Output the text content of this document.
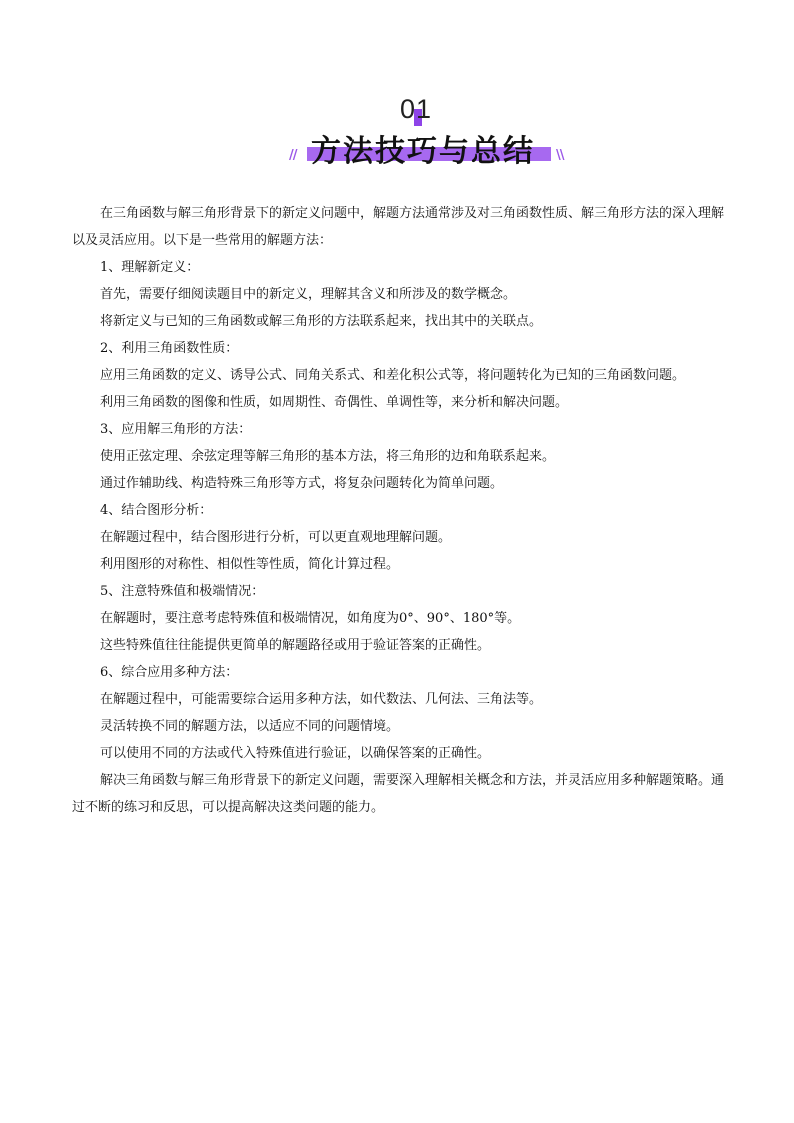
01
// 方法技巧与总结	\\

在三角函数与解三角形背景下的新定义问题中，解题方法通常涉及对三角函数性质、解三角形方法的深入理解以及灵活应用。以下是一些常用的解题方法：

1、理解新定义：

首先，需要仔细阅读题目中的新定义，理解其含义和所涉及的数学概念。

将新定义与已知的三角函数或解三角形的方法联系起来，找出其中的关联点。

2、利用三角函数性质：

应用三角函数的定义、诱导公式、同角关系式、和差化积公式等，将问题转化为已知的三角函数问题。

利用三角函数的图像和性质，如周期性、奇偶性、单调性等，来分析和解决问题。

3、应用解三角形的方法：

使用正弦定理、余弦定理等解三角形的基本方法，将三角形的边和角联系起来。

通过作辅助线、构造特殊三角形等方式，将复杂问题转化为简单问题。

4、结合图形分析：

在解题过程中，结合图形进行分析，可以更直观地理解问题。

利用图形的对称性、相似性等性质，简化计算过程。

5、注意特殊值和极端情况：

在解题时，要注意考虑特殊值和极端情况，如角度为0°、90°、180°等。

这些特殊值往往能提供更简单的解题路径或用于验证答案的正确性。

6、综合应用多种方法：

在解题过程中，可能需要综合运用多种方法，如代数法、几何法、三角法等。

灵活转换不同的解题方法，以适应不同的问题情境。

可以使用不同的方法或代入特殊值进行验证，以确保答案的正确性。

解决三角函数与解三角形背景下的新定义问题，需要深入理解相关概念和方法，并灵活应用多种解题策略。通过不断的练习和反思，可以提高解决这类问题的能力。
